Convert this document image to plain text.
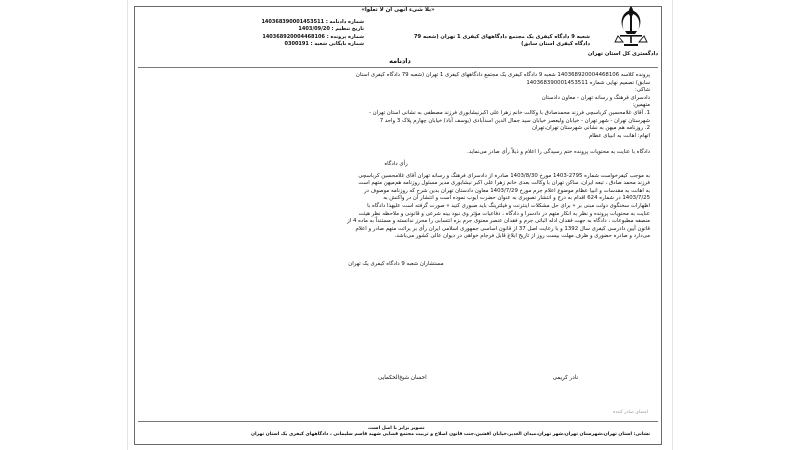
دادگستری کل استان تهران
«بلا شیء انهی ان لا تعلوا»
شماره دادنامه : 140368390001453511
تاریخ تنظیم : 1403/09/20
شماره پرونده : 140368920004468106
شماره بایگانی شعبه : 0300191
شعبه 9 دادگاه کیفری یک مجتمع دادگاههای کیفری 1 تهران (شعبه 79
دادگاه کیفری استان سابق)
دادنامه

پرونده کلاسه 140368920004468106 شعبه 9 دادگاه کیفری یک مجتمع دادگاههای کیفری 1 تهران (شعبه 79 دادگاه کیفری استان

سابق) تصمیم نهایی شماره 140368390001453511

شاکی:

دادسرای فرهنگ و رسانه تهران - معاون دادستان

متهمین:

1. آقای غلامحسین کرباسچی فرزند محمدصادق با وکالت خانم زهرا علی اکبرنیشابوری فرزند مصطفی به نشانی استان تهران -

شهرستان تهران - شهر تهران - خیابان ولیعصر خیابان سید جمال الدین اسدآبادی (یوسف آباد) خیابان چهارم پلاک 3 واحد 7

2. روزنامه هم میهن به نشانی شهرستان تهران،تهران

اتهام: اهانت به انبیای عظام

دادگاه با عنایت به محتویات پرونده ختم رسیدگی را اعلام و ذیلاً رأی صادر می‌نماید.

رأی دادگاه

به موجب کیفرخواست شماره 2795-1403 مورخ 1403/8/30 صادره از دادسرای فرهنگ و رسانه تهران آقای غلامحسین کرباسچی

فرزند محمد صادق ، تبعه ایران، ساکن تهران با وکالت بعدی خانم زهرا علی اکبر نیشابوری مدیر مسئول روزنامه هم‌میهن متهم است

به اهانت به مقدسات و انبیا عظام موضوع اعلام جرم مورخ 1403/7/29 معاون دادستان تهران بدین شرح که روزنامه موصوف در

1403/7/25 در شماره 624 اقدام به درج و انتشار تصویری به عنوان حضرت ایوب نموده است و انتشار آن در واکنش به

اظهارات سخنگوی دولت مبنی بر « برای حل مشکلات اینترنت و فیلترینگ باید صبوری کنید » صورت گرفته است علیهذا دادگاه با

عنایت به محتویات پرونده و نظر به انکار متهم در دادسرا و دادگاه ، دفاعیات مؤثر وی نبود بینه شرعی و قانونی و ملاحظه نظر هیئت

منصفه مطبوعات ، دادگاه به جهت فقدان ادله اثباتی جرم و فقدان عنصر معنوی جرم بزه انتسابی را محرز ندانسته و مستنداً به ماده 4 از

قانون آیین دادرسی کیفری سال 1392 و با رعایت اصل 37 از قانون اساسی جمهوری اسلامی ایران رأی بر برائت متهم صادر و اعلام

می‌دارد و صادره حضوری و ظرف مهلت بیست روز از تاریخ ابلاغ قابل فرجام خواهی در دیوان عالی کشور می‌باشد.

مستشاران شعبه 9 دادگاه کیفری یک تهران

نادر کریمی
احسان شیخ‌الحکمایی
امضای صادر کننده
تصویر برابر با اصل است.
نشانی: استان تهران،شهرستان تهران،شهر تهران،میدان الغدیر،خیابان افشین،جنب قانون اصلاح و تربیت مجتمع قضایی شهید قاسم سلیمانی ، دادگاههای کیفری یک استان تهران
